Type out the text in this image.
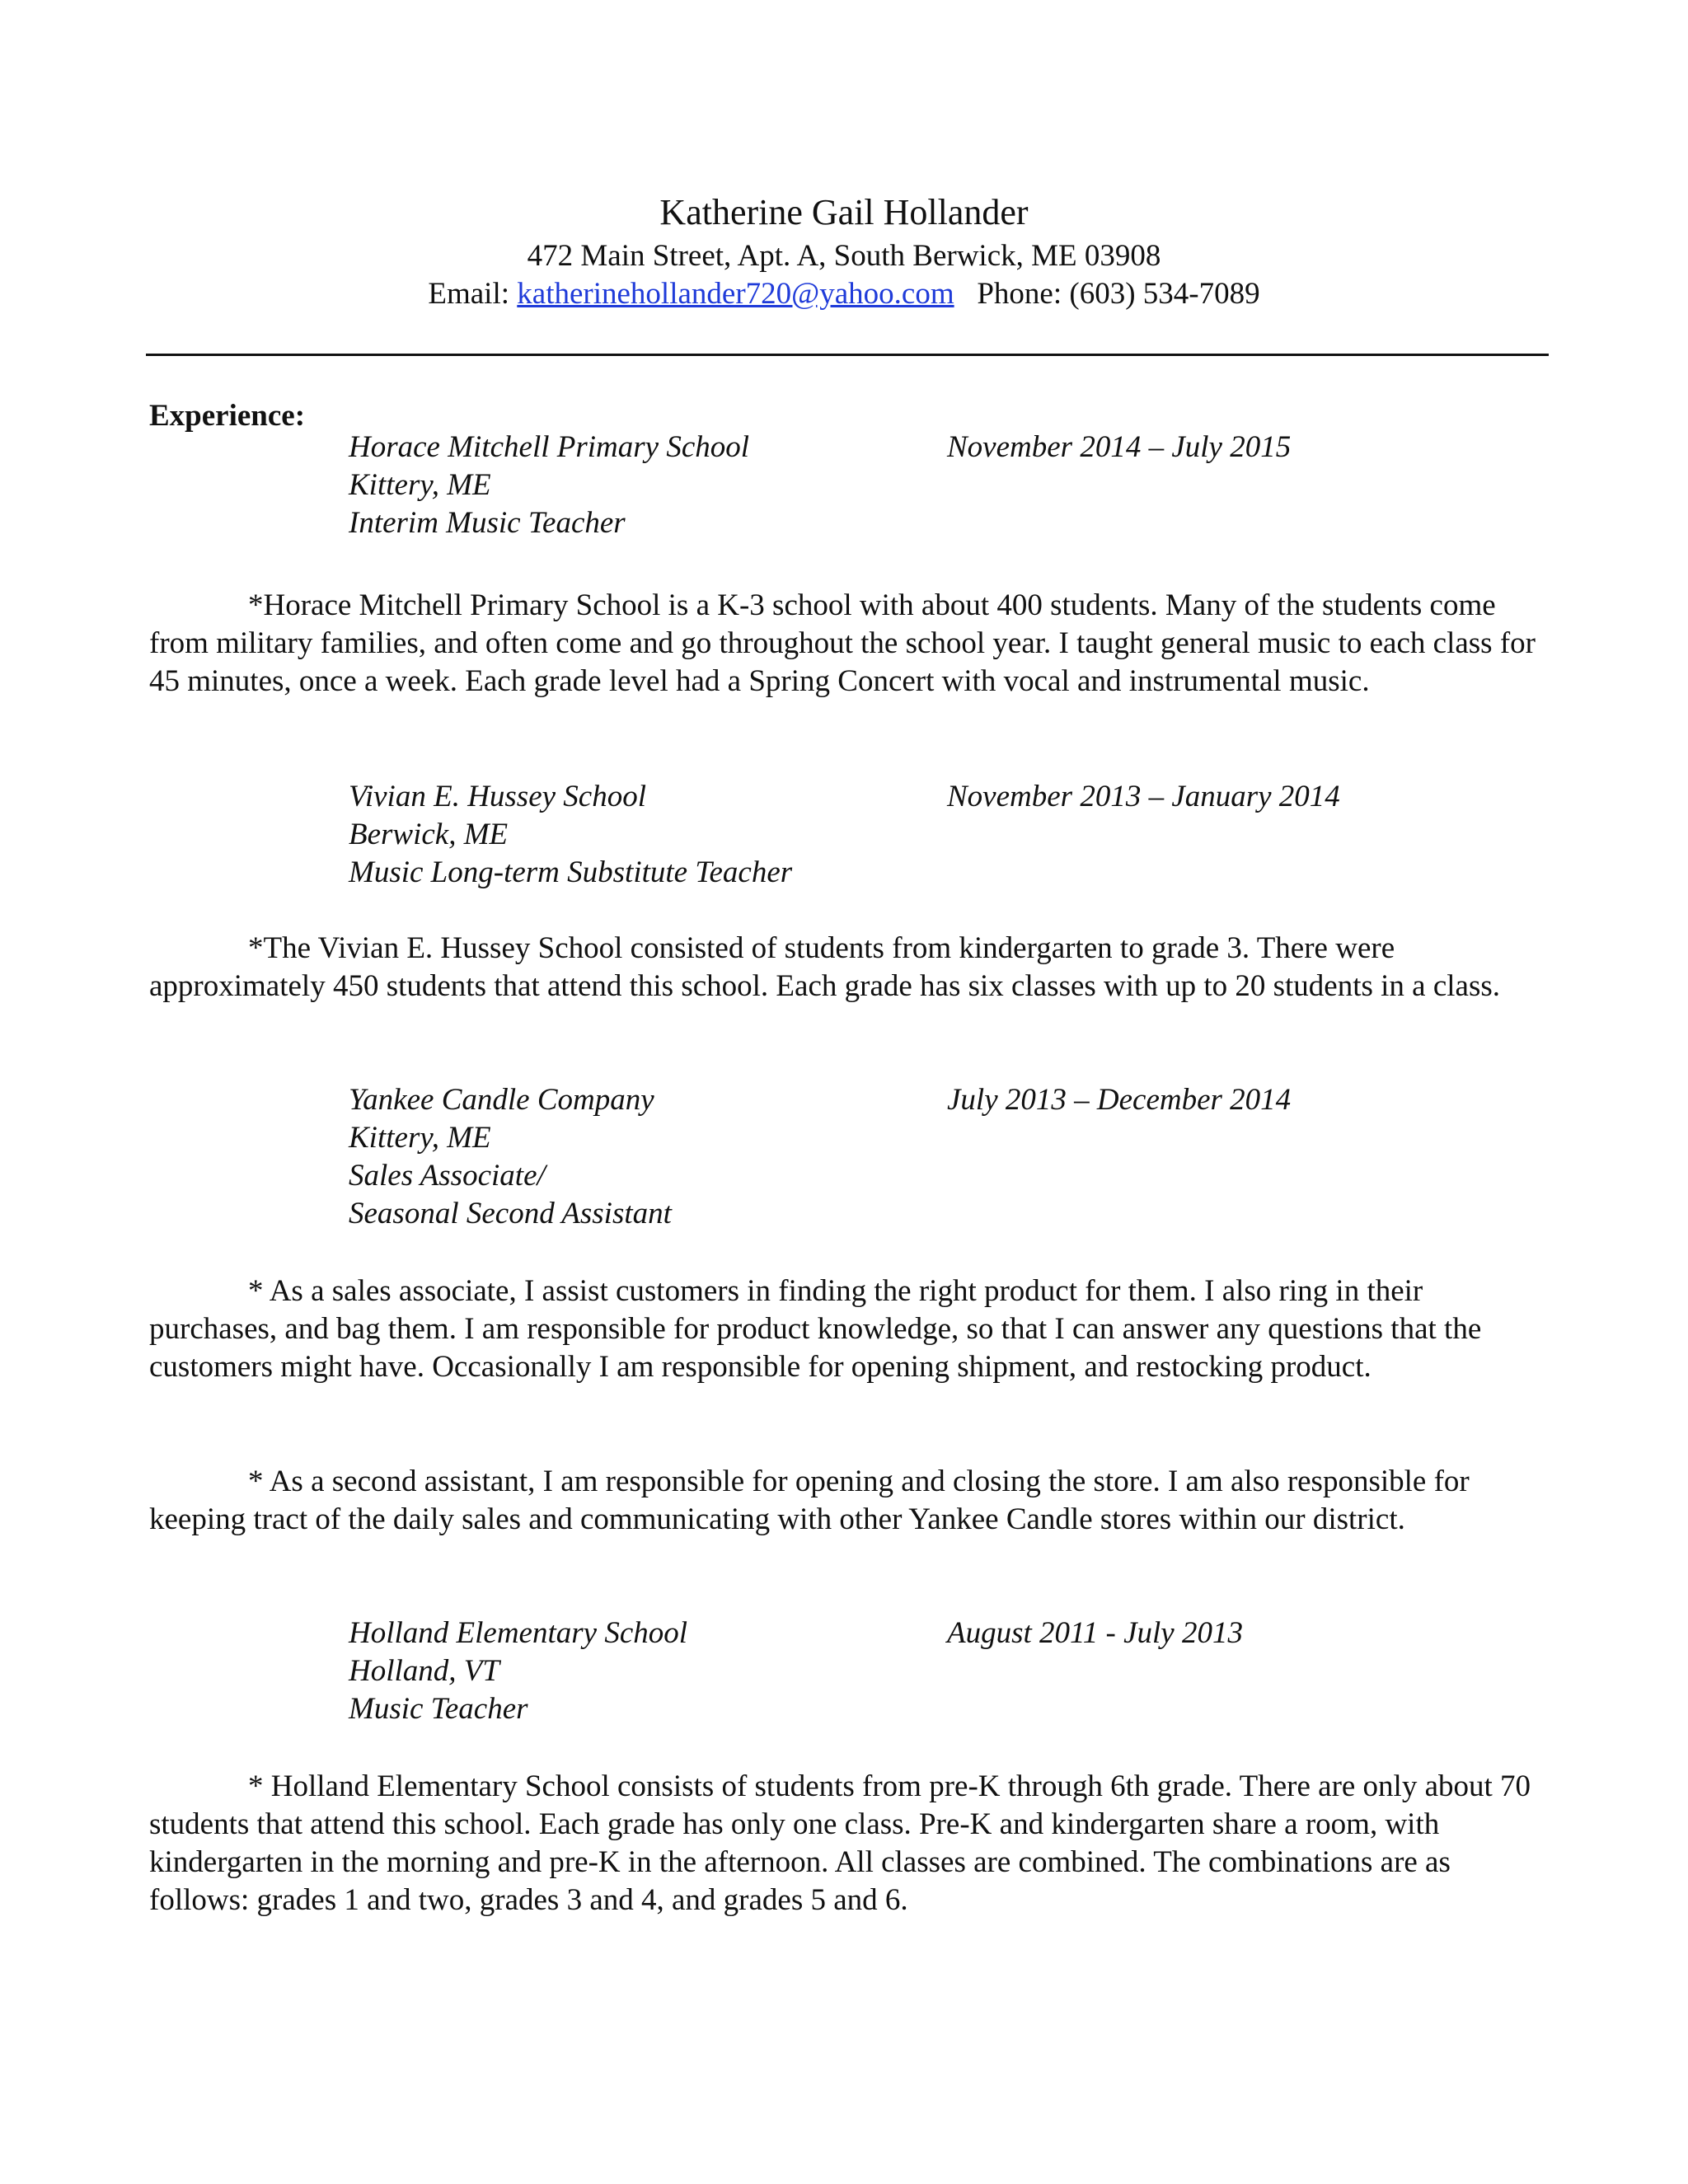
Katherine Gail Hollander
472 Main Street, Apt. A, South Berwick, ME 03908
Email: katherinehollander720@yahoo.com Phone: (603) 534-7089
Experience:
Horace Mitchell Primary School
Kittery, ME
Interim Music Teacher
November 2014 – July 2015
*Horace Mitchell Primary School is a K-3 school with about 400 students. Many of the students come from military families, and often come and go throughout the school year. I taught general music to each class for 45 minutes, once a week. Each grade level had a Spring Concert with vocal and instrumental music.
Vivian E. Hussey School
Berwick, ME
Music Long-term Substitute Teacher
November 2013 – January 2014
*The Vivian E. Hussey School consisted of students from kindergarten to grade 3. There were approximately 450 students that attend this school. Each grade has six classes with up to 20 students in a class.
Yankee Candle Company
Kittery, ME
Sales Associate/
Seasonal Second Assistant
July 2013 – December 2014
* As a sales associate, I assist customers in finding the right product for them. I also ring in their purchases, and bag them. I am responsible for product knowledge, so that I can answer any questions that the customers might have. Occasionally I am responsible for opening shipment, and restocking product.
* As a second assistant, I am responsible for opening and closing the store. I am also responsible for keeping tract of the daily sales and communicating with other Yankee Candle stores within our district.
Holland Elementary School
Holland, VT
Music Teacher
August 2011 - July 2013
* Holland Elementary School consists of students from pre-K through 6th grade. There are only about 70 students that attend this school. Each grade has only one class. Pre-K and kindergarten share a room, with kindergarten in the morning and pre-K in the afternoon. All classes are combined. The combinations are as follows: grades 1 and two, grades 3 and 4, and grades 5 and 6.
